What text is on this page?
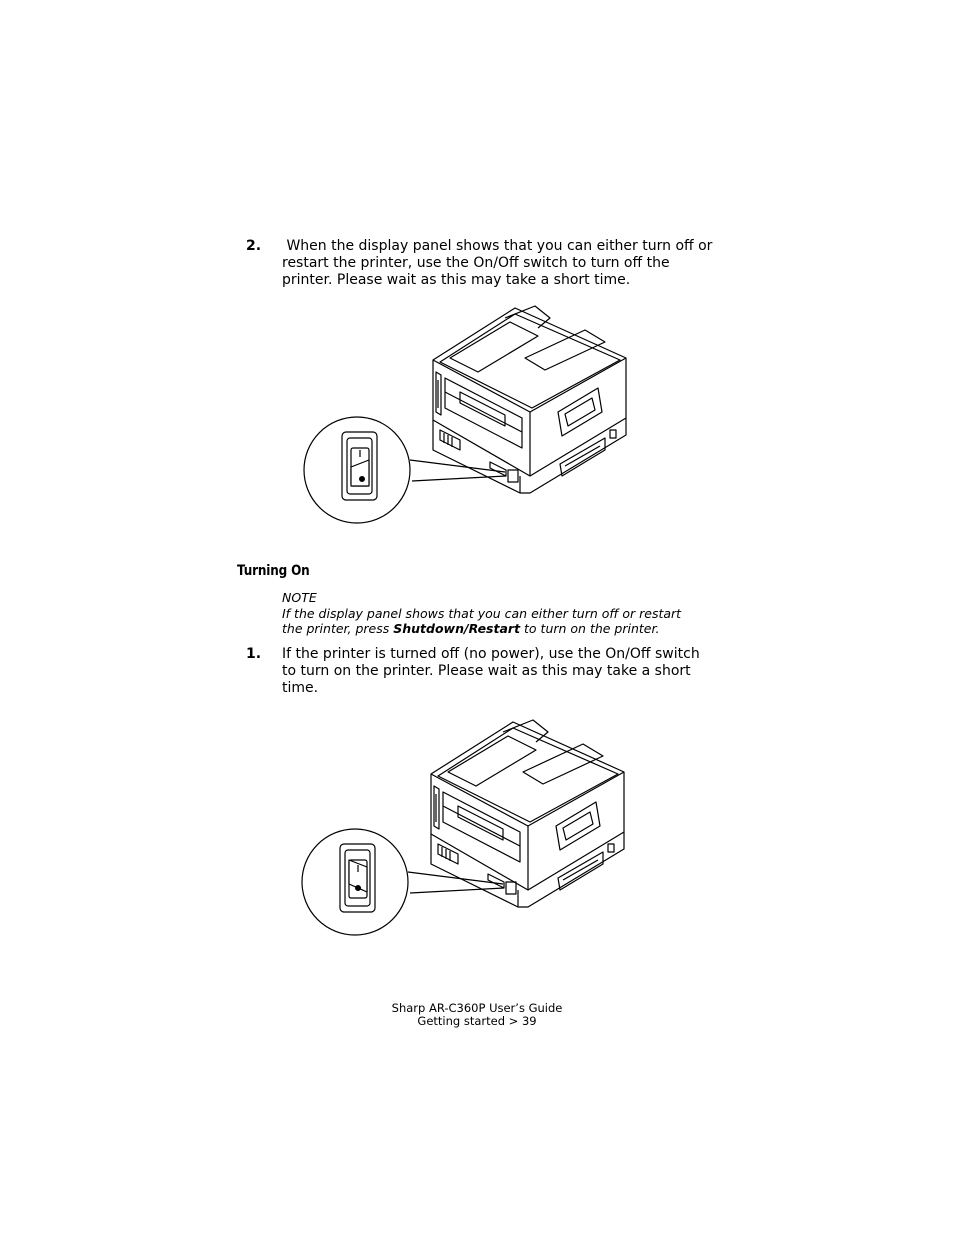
2. When the display panel shows that you can either turn off or
restart the printer, use the On/Off switch to turn off the
printer. Please wait as this may take a short time.
Turning On
NOTE
If the display panel shows that you can either turn off or restart
the printer, press Shutdown/Restart to turn on the printer.
1. If the printer is turned off (no power), use the On/Off switch
to turn on the printer. Please wait as this may take a short
time.
Sharp AR-C360P User’s Guide
Getting started > 39
